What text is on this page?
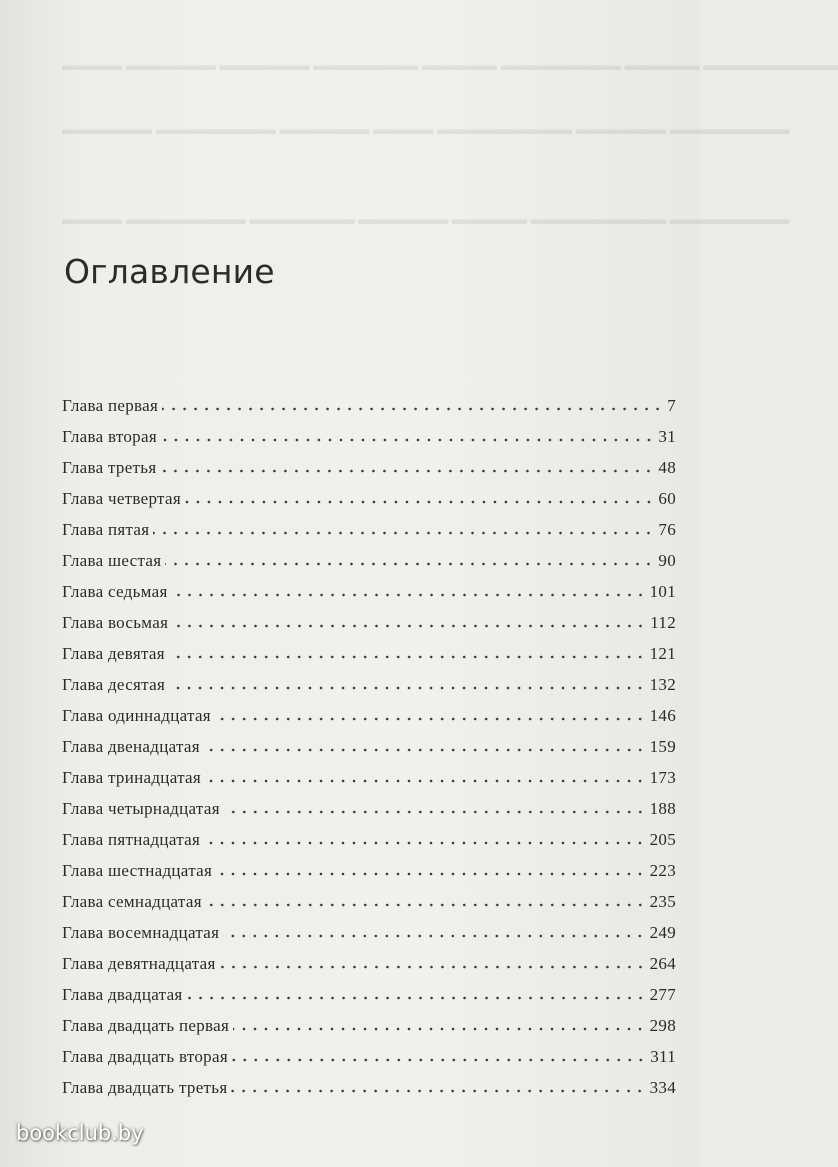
▬▬▬▬ ▬▬▬▬▬▬ ▬▬▬▬▬▬ ▬▬▬▬▬▬▬ ▬▬▬▬▬ ▬▬▬▬▬▬▬▬ ▬▬▬▬▬ ▬▬▬▬▬▬▬▬▬
▬▬▬▬▬▬ ▬▬▬▬▬▬▬▬ ▬▬▬▬▬▬ ▬▬▬▬ ▬▬▬▬▬▬▬▬▬ ▬▬▬▬▬▬ ▬▬▬▬▬▬▬▬
▬▬▬▬ ▬▬▬▬▬▬▬▬ ▬▬▬▬▬▬▬ ▬▬▬▬▬▬ ▬▬▬▬▬ ▬▬▬▬▬▬▬▬▬ ▬▬▬▬▬▬▬▬
Оглавление
Глава первая	7
Глава вторая	31
Глава третья	48
Глава четвертая	60
Глава пятая	76
Глава шестая	90
Глава седьмая	101
Глава восьмая	112
Глава девятая	121
Глава десятая	132
Глава одиннадцатая	146
Глава двенадцатая	159
Глава тринадцатая	173
Глава четырнадцатая	188
Глава пятнадцатая	205
Глава шестнадцатая	223
Глава семнадцатая	235
Глава восемнадцатая	249
Глава девятнадцатая	264
Глава двадцатая	277
Глава двадцать первая	298
Глава двадцать вторая	311
Глава двадцать третья	334
bookclub.by
